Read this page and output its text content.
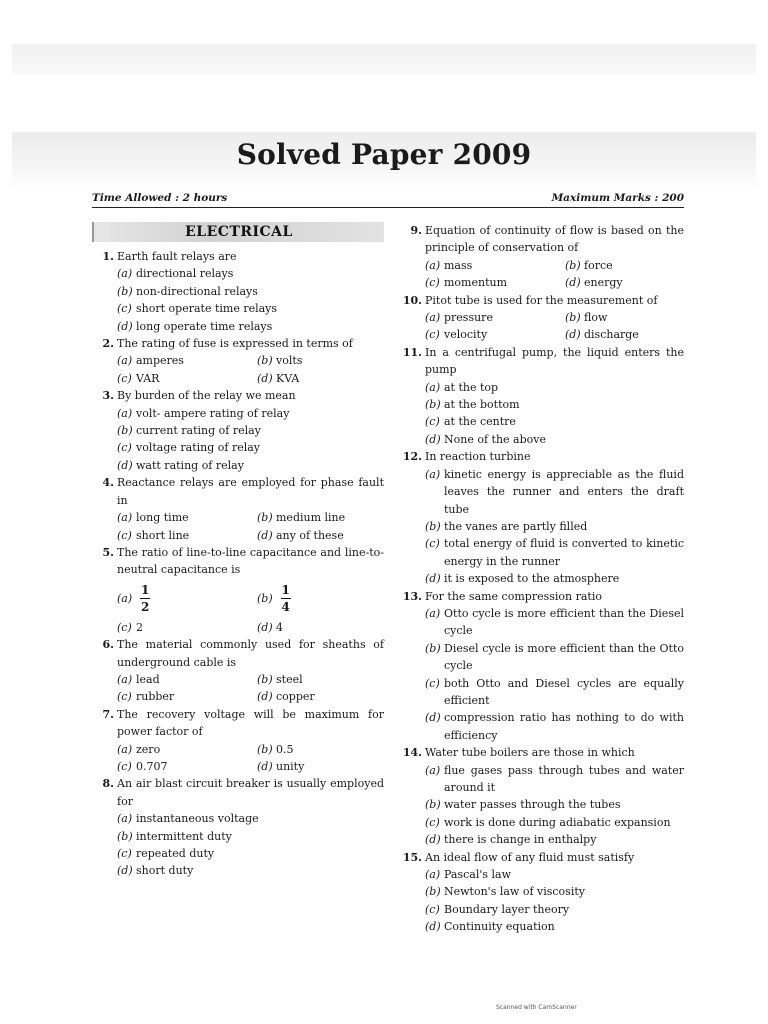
Solved Paper 2009
Time Allowed : 2 hours	Maximum Marks : 200
ELECTRICAL
1. Earth fault relays are
(a) directional relays
(b) non-directional relays
(c) short operate time relays
(d) long operate time relays
2. The rating of fuse is expressed in terms of
(a) amperes	(b) volts
(c) VAR	(d) KVA
3. By burden of the relay we mean
(a) volt- ampere rating of relay
(b) current rating of relay
(c) voltage rating of relay
(d) watt rating of relay
4. Reactance relays are employed for phase fault in
(a) long time	(b) medium line
(c) short line	(d) any of these
5. The ratio of line-to-line capacitance and line-to-neutral capacitance is
$(a) \frac{1}{2}$	$(b) \frac{1}{4}$
(c) 2	(d) 4
6. The material commonly used for sheaths of underground cable is
(a) lead	(b) steel
(c) rubber	(d) copper
7. The recovery voltage will be maximum for power factor of
(a) zero	(b) 0.5
(c) 0.707	(d) unity
8. An air blast circuit breaker is usually employed for
(a) instantaneous voltage
(b) intermittent duty
(c) repeated duty
(d) short duty
9. Equation of continuity of flow is based on the principle of conservation of
(a) mass	(b) force
(c) momentum	(d) energy
10. Pitot tube is used for the measurement of
(a) pressure	(b) flow
(c) velocity	(d) discharge
11. In a centrifugal pump, the liquid enters the pump
(a) at the top
(b) at the bottom
(c) at the centre
(d) None of the above
12. In reaction turbine
(a) kinetic energy is appreciable as the fluid leaves the runner and enters the draft tube
(b) the vanes are partly filled
(c) total energy of fluid is converted to kinetic energy in the runner
(d) it is exposed to the atmosphere
13. For the same compression ratio
(a) Otto cycle is more efficient than the Diesel cycle
(b) Diesel cycle is more efficient than the Otto cycle
(c) both Otto and Diesel cycles are equally efficient
(d) compression ratio has nothing to do with efficiency
14. Water tube boilers are those in which
(a) flue gases pass through tubes and water around it
(b) water passes through the tubes
(c) work is done during adiabatic expansion
(d) there is change in enthalpy
15. An ideal flow of any fluid must satisfy
(a) Pascal's law
(b) Newton's law of viscosity
(c) Boundary layer theory
(d) Continuity equation
Scanned with CamScanner
